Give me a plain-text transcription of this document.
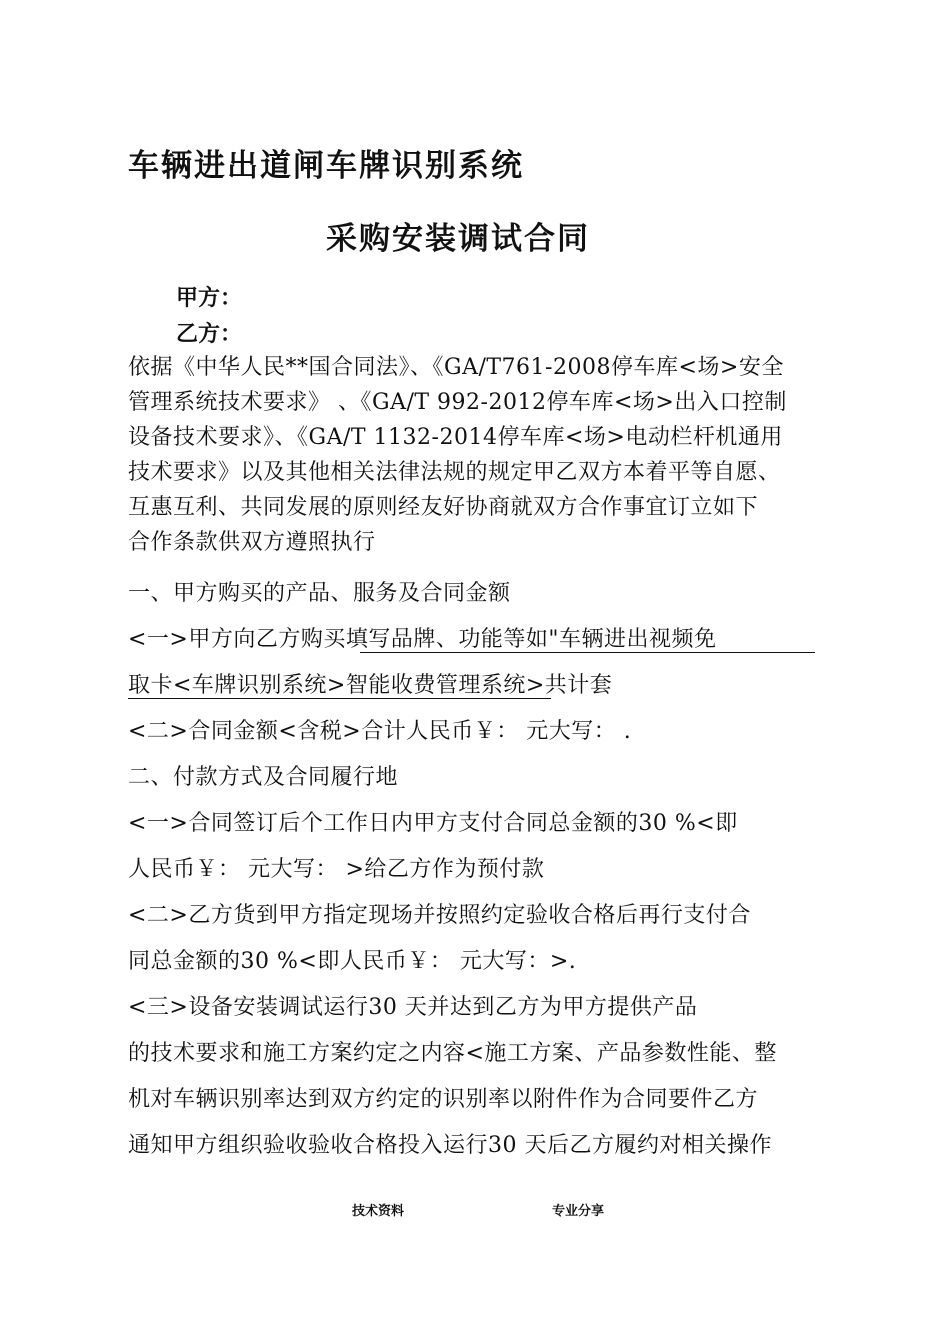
车辆进出道闸车牌识别系统
采购安装调试合同
甲方：
乙方：
依据《中华人民**国合同法》、《GA/T761-2008停车库<场>安全
管理系统技术要求》 、《GA/T 992-2012停车库<场>出入口控制
设备技术要求》、《GA/T 1132-2014停车库<场>电动栏杆机通用
技术要求》以及其他相关法律法规的规定甲乙双方本着平等自愿、
互惠互利、共同发展的原则经友好协商就双方合作事宜订立如下
合作条款供双方遵照执行
一、甲方购买的产品、服务及合同金额
<一>甲方向乙方购买填写品牌、功能等如"车辆进出视频免
取卡<车牌识别系统>智能收费管理系统>共计套
<二>合同金额<含税>合计人民币￥： 元大写： .
二、付款方式及合同履行地
<一>合同签订后个工作日内甲方支付合同总金额的30 %<即
人民币￥： 元大写： >给乙方作为预付款
<二>乙方货到甲方指定现场并按照约定验收合格后再行支付合
同总金额的30 %<即人民币￥： 元大写：>.
<三>设备安装调试运行30 天并达到乙方为甲方提供产品
的技术要求和施工方案约定之内容<施工方案、产品参数性能、整
机对车辆识别率达到双方约定的识别率以附件作为合同要件乙方
通知甲方组织验收验收合格投入运行30 天后乙方履约对相关操作
技术资料	专业分享
